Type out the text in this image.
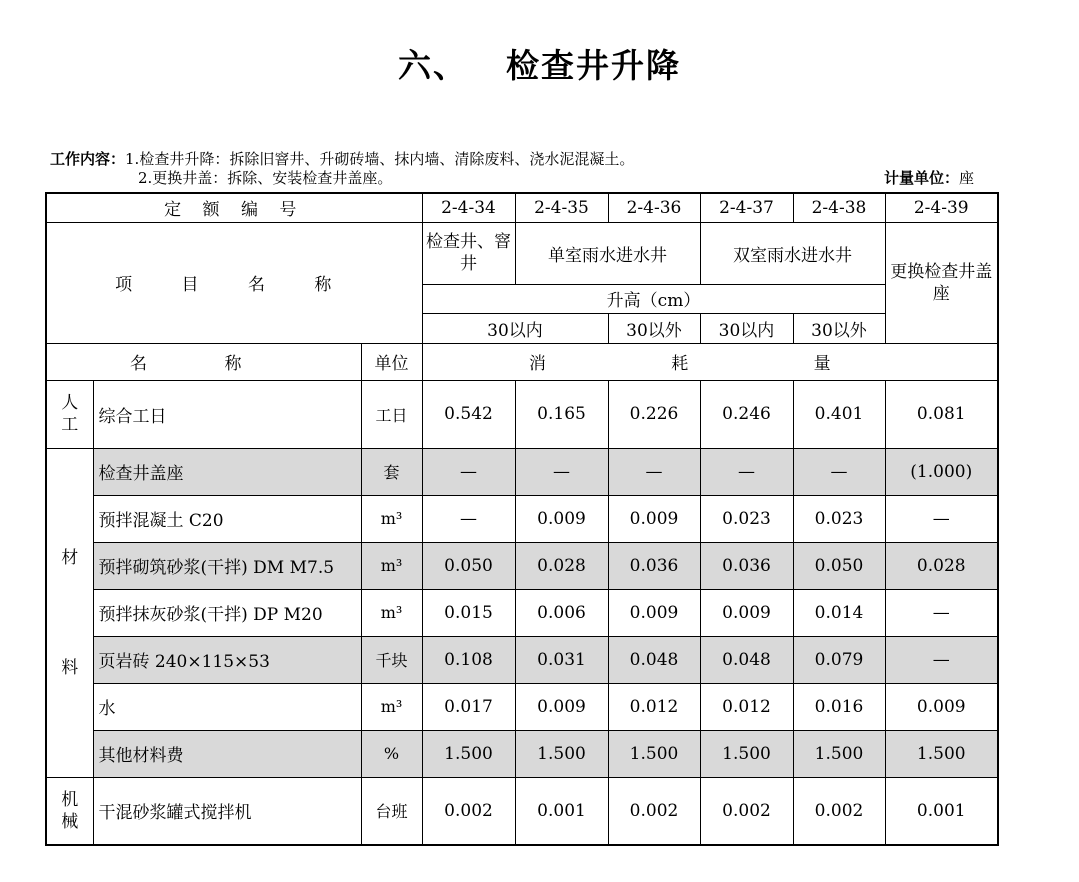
六、 检查井升降
工作内容：1.检查井升降：拆除旧窨井、升砌砖墙、抹内墙、清除废料、浇水泥混凝土。
2.更换井盖：拆除、安装检查井盖座。	计量单位：座
定 额 编 号			2-4-34	2-4-35	2-4-36	2-4-37	2-4-38	2-4-39
项 目 名 称			检查井、窨井	单室雨水进水井		双室雨水进水井		更换检查井盖座
			升高（cm）					
			30以内		30以外	30以内	30以外	
名 称		单位	消 耗 量					
人工	综合工日	工日	0.542	0.165	0.226	0.246	0.401	0.081

材
料	检查井盖座	套	—	—	—	—	—	(1.000)
	预拌混凝土 C20	m³	—	0.009	0.009	0.023	0.023	—
	预拌砌筑砂浆(干拌) DM M7.5	m³	0.050	0.028	0.036	0.036	0.050	0.028
	预拌抹灰砂浆(干拌) DP M20	m³	0.015	0.006	0.009	0.009	0.014	—
	页岩砖 240×115×53	千块	0.108	0.031	0.048	0.048	0.079	—
	水	m³	0.017	0.009	0.012	0.012	0.016	0.009
	其他材料费	%	1.500	1.500	1.500	1.500	1.500	1.500
机械	干混砂浆罐式搅拌机	台班	0.002	0.001	0.002	0.002	0.002	0.001
